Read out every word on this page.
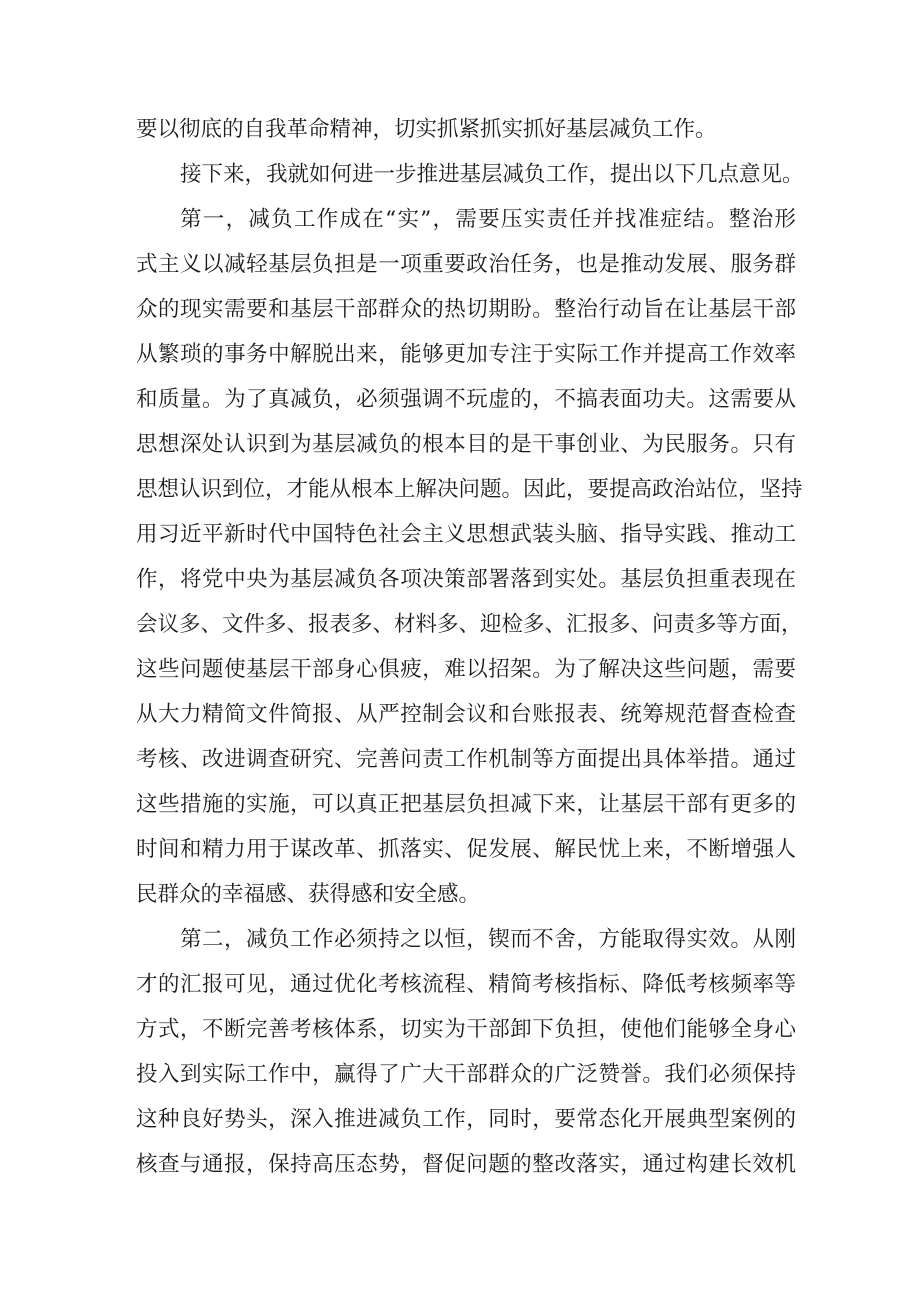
要以彻底的自我革命精神，切实抓紧抓实抓好基层减负工作。
接下来，我就如何进一步推进基层减负工作，提出以下几点意见。
第一，减负工作成在“实”，需要压实责任并找准症结。整治形
式主义以减轻基层负担是一项重要政治任务，也是推动发展、服务群
众的现实需要和基层干部群众的热切期盼。整治行动旨在让基层干部
从繁琐的事务中解脱出来，能够更加专注于实际工作并提高工作效率
和质量。为了真减负，必须强调不玩虚的，不搞表面功夫。这需要从
思想深处认识到为基层减负的根本目的是干事创业、为民服务。只有
思想认识到位，才能从根本上解决问题。因此，要提高政治站位，坚持
用习近平新时代中国特色社会主义思想武装头脑、指导实践、推动工
作，将党中央为基层减负各项决策部署落到实处。基层负担重表现在
会议多、文件多、报表多、材料多、迎检多、汇报多、问责多等方面，
这些问题使基层干部身心俱疲，难以招架。为了解决这些问题，需要
从大力精简文件简报、从严控制会议和台账报表、统筹规范督查检查
考核、改进调查研究、完善问责工作机制等方面提出具体举措。通过
这些措施的实施，可以真正把基层负担减下来，让基层干部有更多的
时间和精力用于谋改革、抓落实、促发展、解民忧上来，不断增强人
民群众的幸福感、获得感和安全感。
第二，减负工作必须持之以恒，锲而不舍，方能取得实效。从刚
才的汇报可见，通过优化考核流程、精简考核指标、降低考核频率等
方式，不断完善考核体系，切实为干部卸下负担，使他们能够全身心
投入到实际工作中，赢得了广大干部群众的广泛赞誉。我们必须保持
这种良好势头，深入推进减负工作，同时，要常态化开展典型案例的
核查与通报，保持高压态势，督促问题的整改落实，通过构建长效机
